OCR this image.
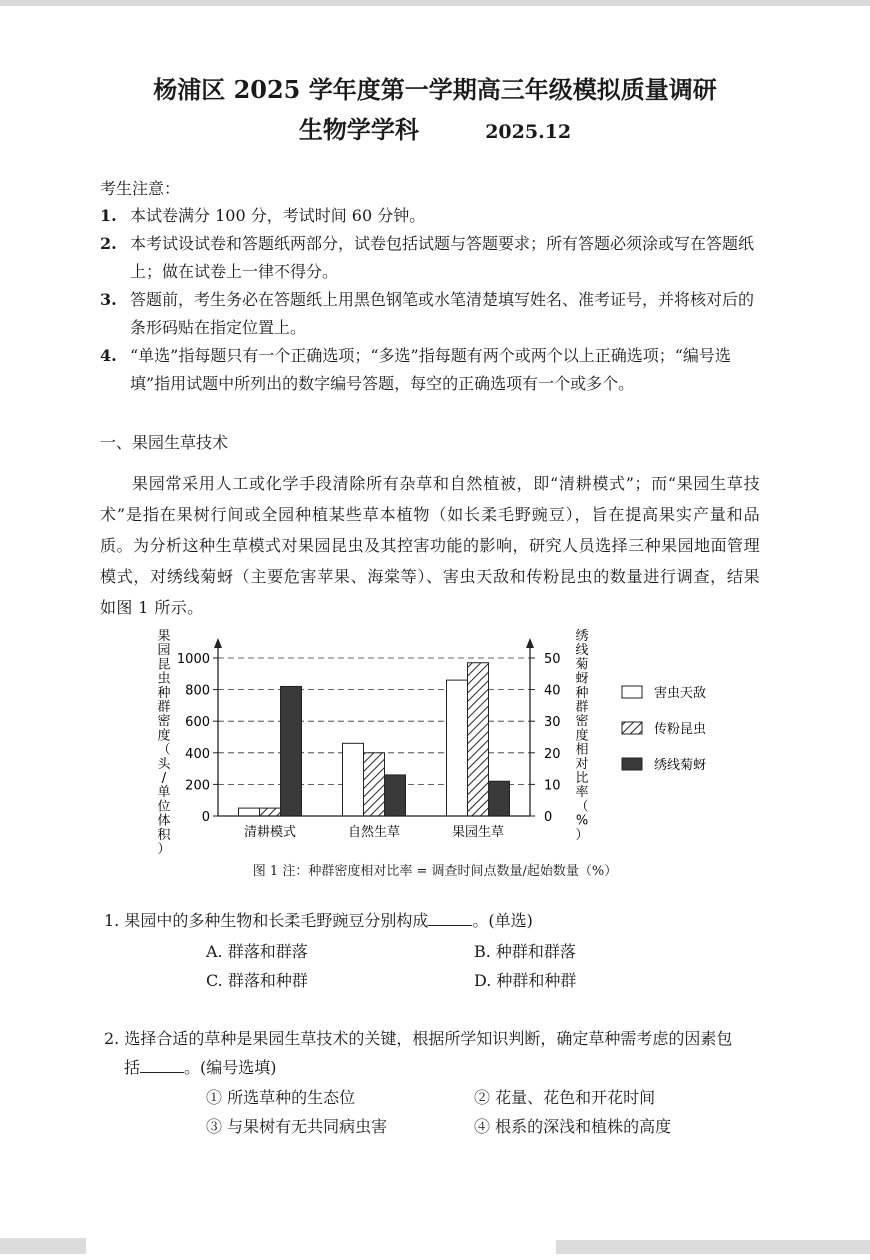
杨浦区 2025 学年度第一学期高三年级模拟质量调研
生物学学科	2025.12
考生注意：
1. 本试卷满分 100 分，考试时间 60 分钟。
2. 本考试设试卷和答题纸两部分，试卷包括试题与答题要求；所有答题必须涂或写在答题纸上；做在试卷上一律不得分。
3. 答题前，考生务必在答题纸上用黑色钢笔或水笔清楚填写姓名、准考证号，并将核对后的条形码贴在指定位置上。
4. “单选”指每题只有一个正确选项；“多选”指每题有两个或两个以上正确选项；“编号选填”指用试题中所列出的数字编号答题，每空的正确选项有一个或多个。
一、果园生草技术
果园常采用人工或化学手段清除所有杂草和自然植被，即“清耕模式”；而“果园生草技术”是指在果树行间或全园种植某些草本植物（如长柔毛野豌豆），旨在提高果实产量和品质。为分析这种生草模式对果园昆虫及其控害功能的影响，研究人员选择三种果园地面管理模式，对绣线菊蚜（主要危害苹果、海棠等）、害虫天敌和传粉昆虫的数量进行调查，结果如图 1 所示。
1000
800
600
400
200
0
50
40
30
20
10
0
清耕模式	自然生草	果园生草
果
园
昆
虫
种
群
密
度
（
头
/
单
位
体
积
）
绣
线
菊
蚜
种
群
密
度
相
对
比
率
（
%
）
害虫天敌
传粉昆虫
绣线菊蚜
图 1 注：种群密度相对比率 = 调查时间点数量/起始数量（%）
1. 果园中的多种生物和长柔毛野豌豆分别构成	。(单选)
A. 群落和群落	B. 种群和群落
C. 群落和种群	D. 种群和种群
2. 选择合适的草种是果园生草技术的关键，根据所学知识判断，确定草种需考虑的因素包
括	。(编号选填)
① 所选草种的生态位	② 花量、花色和开花时间
③ 与果树有无共同病虫害	④ 根系的深浅和植株的高度
